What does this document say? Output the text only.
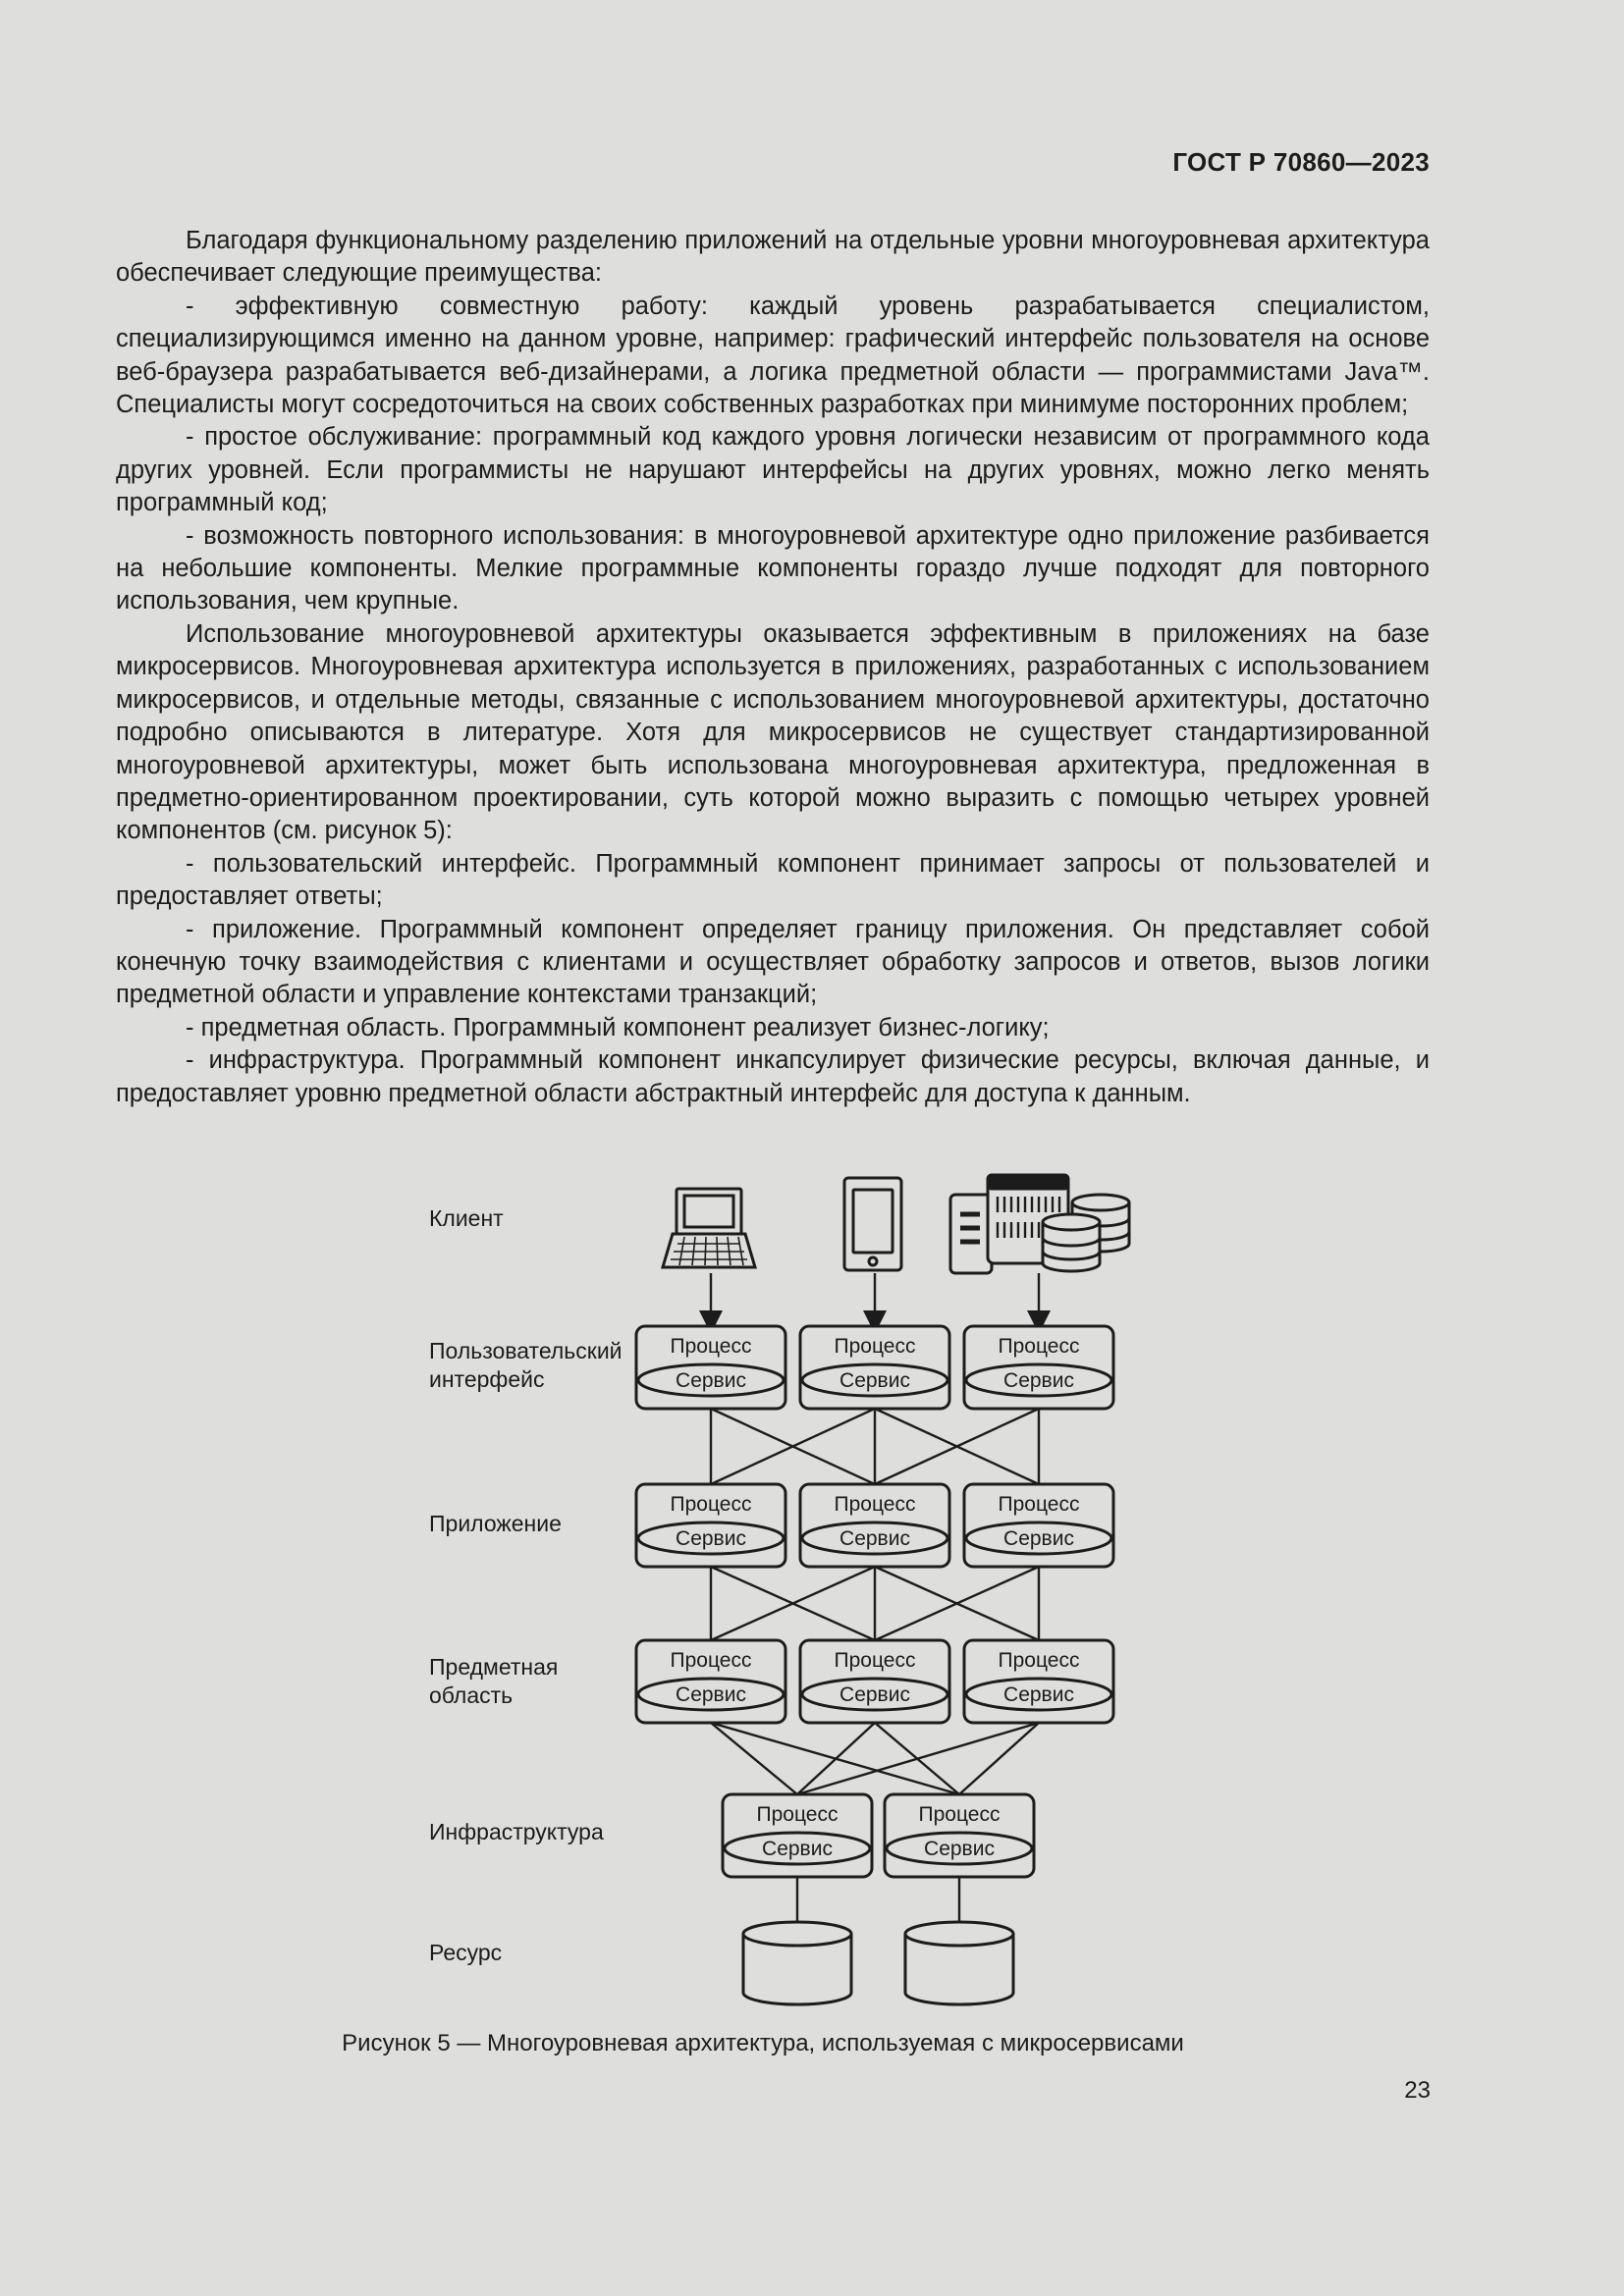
ГОСТ Р 70860—2023

Благодаря функциональному разделению приложений на отдельные уровни многоуровневая архитектура обеспечивает следующие преимущества:

- эффективную совместную работу: каждый уровень разрабатывается специалистом, специализирующимся именно на данном уровне, например: графический интерфейс пользователя на основе веб-браузера разрабатывается веб-дизайнерами, а логика предметной области — программистами Java™. Специалисты могут сосредоточиться на своих собственных разработках при минимуме посторонних проблем;

- простое обслуживание: программный код каждого уровня логически независим от программного кода других уровней. Если программисты не нарушают интерфейсы на других уровнях, можно легко менять программный код;

- возможность повторного использования: в многоуровневой архитектуре одно приложение разбивается на небольшие компоненты. Мелкие программные компоненты гораздо лучше подходят для повторного использования, чем крупные.

Использование многоуровневой архитектуры оказывается эффективным в приложениях на базе микросервисов. Многоуровневая архитектура используется в приложениях, разработанных с использованием микросервисов, и отдельные методы, связанные с использованием многоуровневой архитектуры, достаточно подробно описываются в литературе. Хотя для микросервисов не существует стандартизированной многоуровневой архитектуры, может быть использована многоуровневая архитектура, предложенная в предметно-ориентированном проектировании, суть которой можно выразить с помощью четырех уровней компонентов (см. рисунок 5):

- пользовательский интерфейс. Программный компонент принимает запросы от пользователей и предоставляет ответы;

- приложение. Программный компонент определяет границу приложения. Он представляет собой конечную точку взаимодействия с клиентами и осуществляет обработку запросов и ответов, вызов логики предметной области и управление контекстами транзакций;

- предметная область. Программный компонент реализует бизнес-логику;

- инфраструктура. Программный компонент инкапсулирует физические ресурсы, включая данные, и предоставляет уровню предметной области абстрактный интерфейс для доступа к данным.

Процесс
Сервис
Процесс
Сервис
Процесс
Сервис
Процесс
Сервис
Процесс
Сервис
Процесс
Сервис
Процесс
Сервис
Процесс
Сервис
Процесс
Сервис
Процесс
Сервис
Процесс
Сервис
Клиент
Пользовательский
интерфейс
Приложение
Предметная
область
Инфраструктура
Ресурс
Рисунок 5 — Многоуровневая архитектура, используемая с микросервисами
23
